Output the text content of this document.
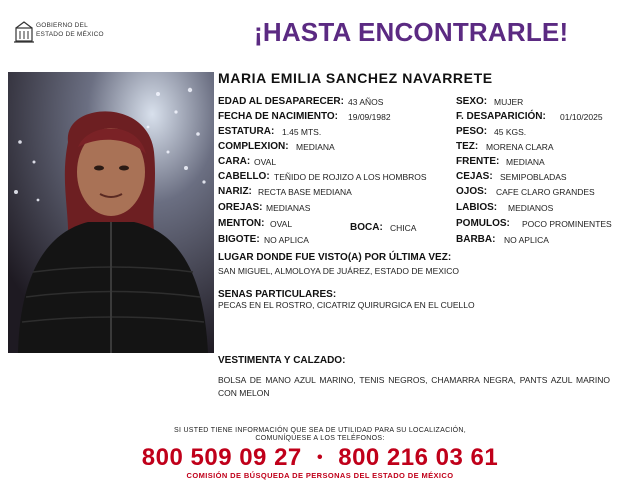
GOBIERNO DEL
ESTADO DE MÉXICO	¡HASTA ENCONTRARLE!
MARIA EMILIA SANCHEZ NAVARRETE
EDAD AL DESAPARECER: 43 AÑOS
FECHA DE NACIMIENTO: 19/09/1982
ESTATURA: 1.45 MTS.
COMPLEXION: MEDIANA
CARA: OVAL
CABELLO: TEÑIDO DE ROJIZO A LOS HOMBROS
NARIZ: RECTA BASE MEDIANA
OREJAS: MEDIANAS
MENTON: OVAL	BOCA: CHICA
BIGOTE: NO APLICA
SEXO: MUJER
F. DESAPARICIÓN: 01/10/2025
PESO: 45 KGS.
TEZ: MORENA CLARA
FRENTE: MEDIANA
CEJAS: SEMIPOBLADAS
OJOS: CAFE CLARO GRANDES
LABIOS: MEDIANOS
POMULOS: POCO PROMINENTES
BARBA: NO APLICA
LUGAR DONDE FUE VISTO(A) POR ÚLTIMA VEZ:
SAN MIGUEL, ALMOLOYA DE JUÁREZ, ESTADO DE MEXICO
SENAS PARTICULARES:
PECAS EN EL ROSTRO, CICATRIZ QUIRURGICA EN EL CUELLO
VESTIMENTA Y CALZADO:
BOLSA DE MANO AZUL MARINO, TENIS NEGROS, CHAMARRA NEGRA, PANTS AZUL MARINO CON MELON
SI USTED TIENE INFORMACIÓN QUE SEA DE UTILIDAD PARA SU LOCALIZACIÓN,
COMUNÍQUESE A LOS TELÉFONOS:
800 509 09 27 • 800 216 03 61
COMISIÓN DE BÚSQUEDA DE PERSONAS DEL ESTADO DE MÉXICO
